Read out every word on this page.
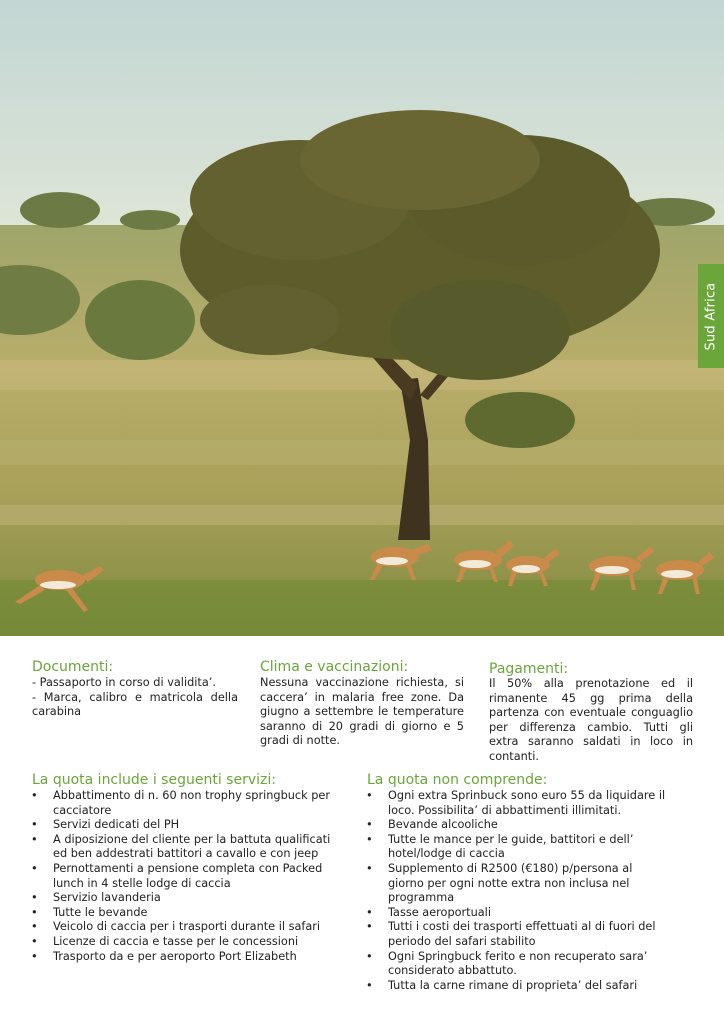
Sud Africa
Documenti:
- Passaporto in corso di validita’.
- Marca, calibro e matricola della carabina
Clima e vaccinazioni:
Nessuna vaccinazione richiesta, si caccera’ in malaria free zone. Da giugno a settembre le temperature saranno di 20 gradi di giorno e 5 gradi di notte.
Pagamenti:
Il 50% alla prenotazione ed il rimanente 45 gg prima della partenza con eventuale conguaglio per differenza cambio. Tutti gli extra saranno saldati in loco in contanti.
La quota include i seguenti servizi:
• Abbattimento di n. 60 non trophy springbuck per cacciatore
• Servizi dedicati del PH
• A diposizione del cliente per la battuta qualificati ed ben addestrati battitori a cavallo e con jeep
• Pernottamenti a pensione completa con Packed lunch in 4 stelle lodge di caccia
• Servizio lavanderia
• Tutte le bevande
• Veicolo di caccia per i trasporti durante il safari
• Licenze di caccia e tasse per le concessioni
• Trasporto da e per aeroporto Port Elizabeth
La quota non comprende:
• Ogni extra Sprinbuck sono euro 55 da liquidare il loco. Possibilita’ di abbattimenti illimitati.
• Bevande alcooliche
• Tutte le mance per le guide, battitori e dell’ hotel/lodge di caccia
• Supplemento di R2500 (€180) p/persona al giorno per ogni notte extra non inclusa nel programma
• Tasse aeroportuali
• Tutti i costi dei trasporti effettuati al di fuori del periodo del safari stabilito
• Ogni Springbuck ferito e non recuperato sara’ considerato abbattuto.
• Tutta la carne rimane di proprieta’ del safari
